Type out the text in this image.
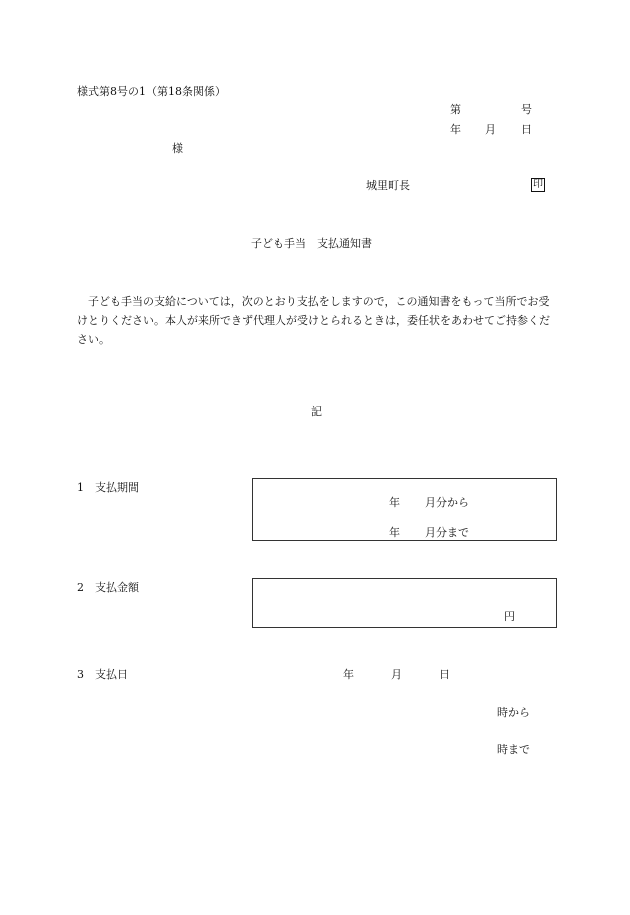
様式第8号の1（第18条関係）
第	号
年 月 日
様
城里町長	印
子ども手当 支払通知書
子ども手当の支給については，次のとおり支払をしますので，この通知書をもって当所でお受けとりください。本人が来所できず代理人が受けとられるときは，委任状をあわせてご持参ください。
記
1 支払期間
年 月分から
年 月分まで
2 支払金額
円
3 支払日	年	月	日
時から
時まで
